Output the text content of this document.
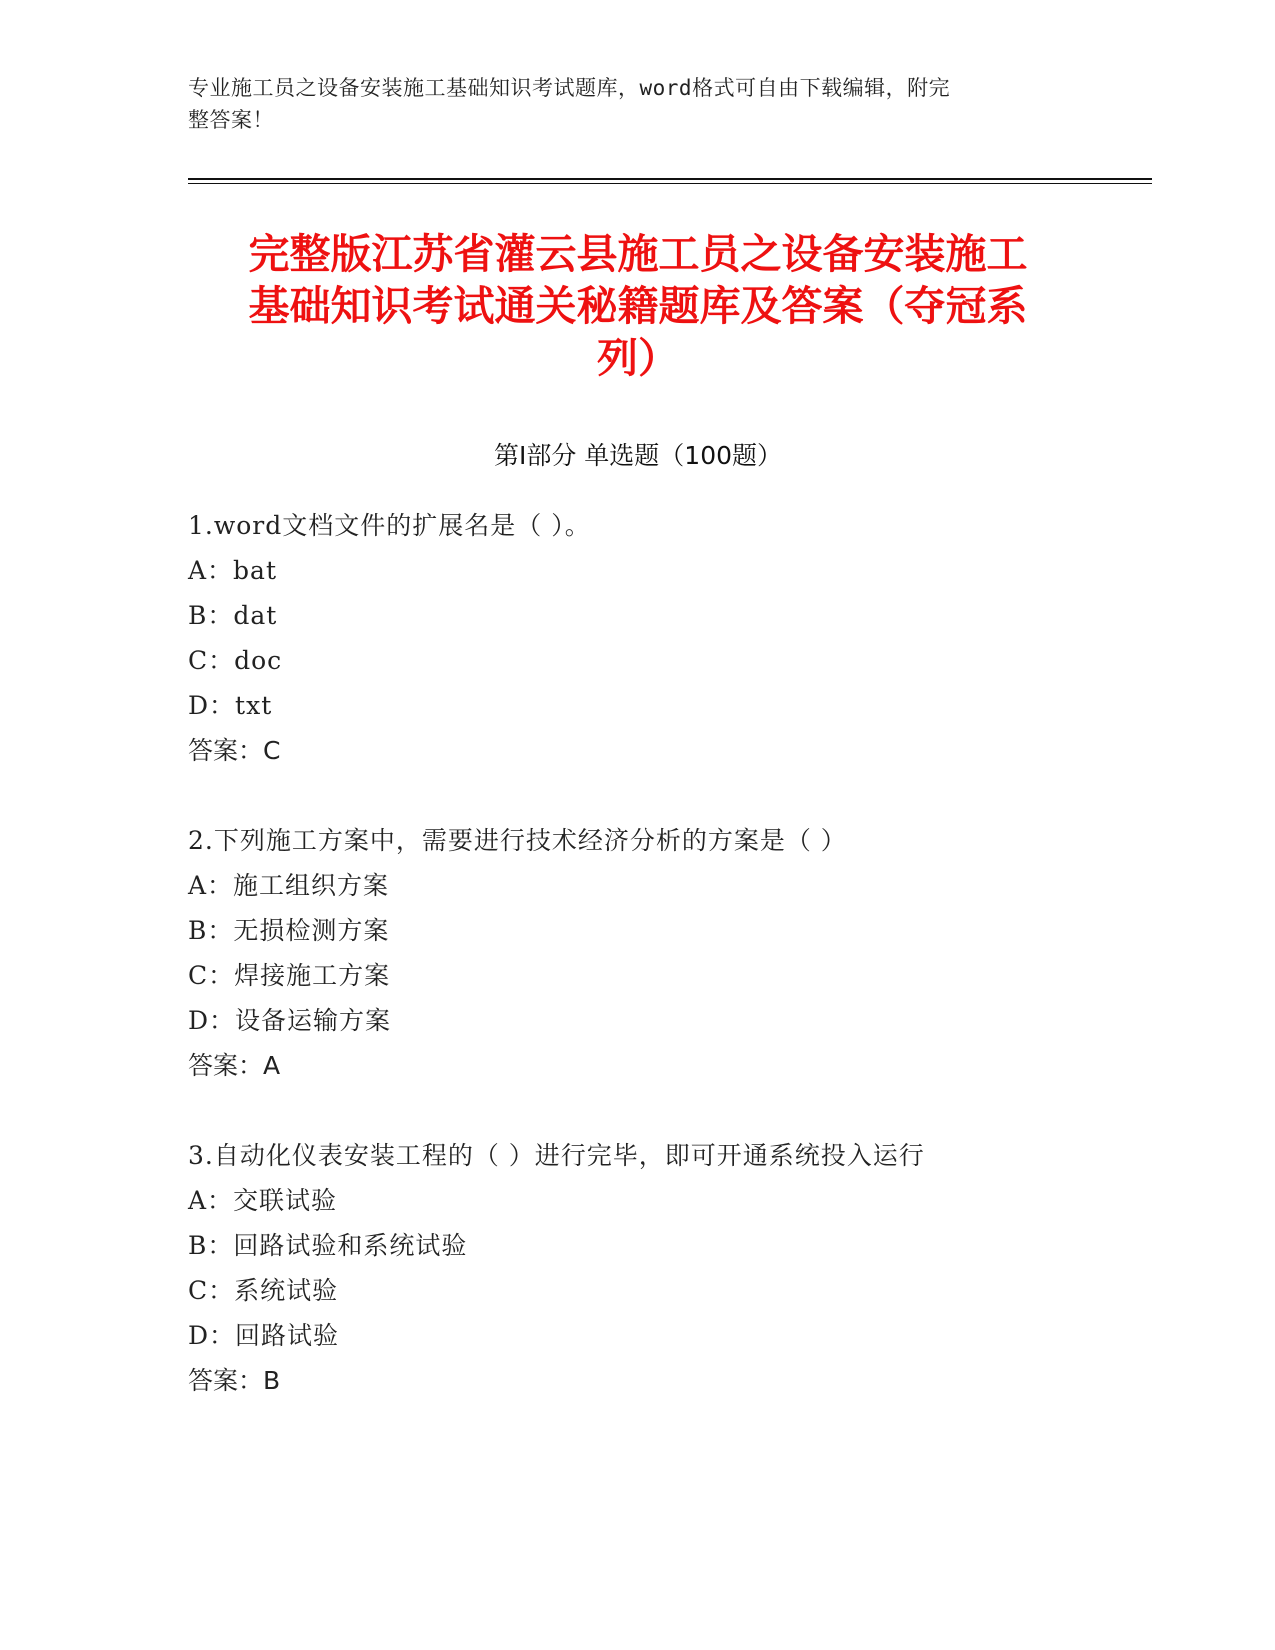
专业施工员之设备安装施工基础知识考试题库，word格式可自由下载编辑，附完
整答案！
完整版江苏省灌云县施工员之设备安装施工
基础知识考试通关秘籍题库及答案（夺冠系
列）
第Ⅰ部分 单选题（100题）
1.word文档文件的扩展名是（ ）。
A：bat
B：dat
C：doc
D：txt
答案：C
2.下列施工方案中，需要进行技术经济分析的方案是（ ）
A：施工组织方案
B：无损检测方案
C：焊接施工方案
D：设备运输方案
答案：A
3.自动化仪表安装工程的（ ）进行完毕，即可开通系统投入运行
A：交联试验
B：回路试验和系统试验
C：系统试验
D：回路试验
答案：B
